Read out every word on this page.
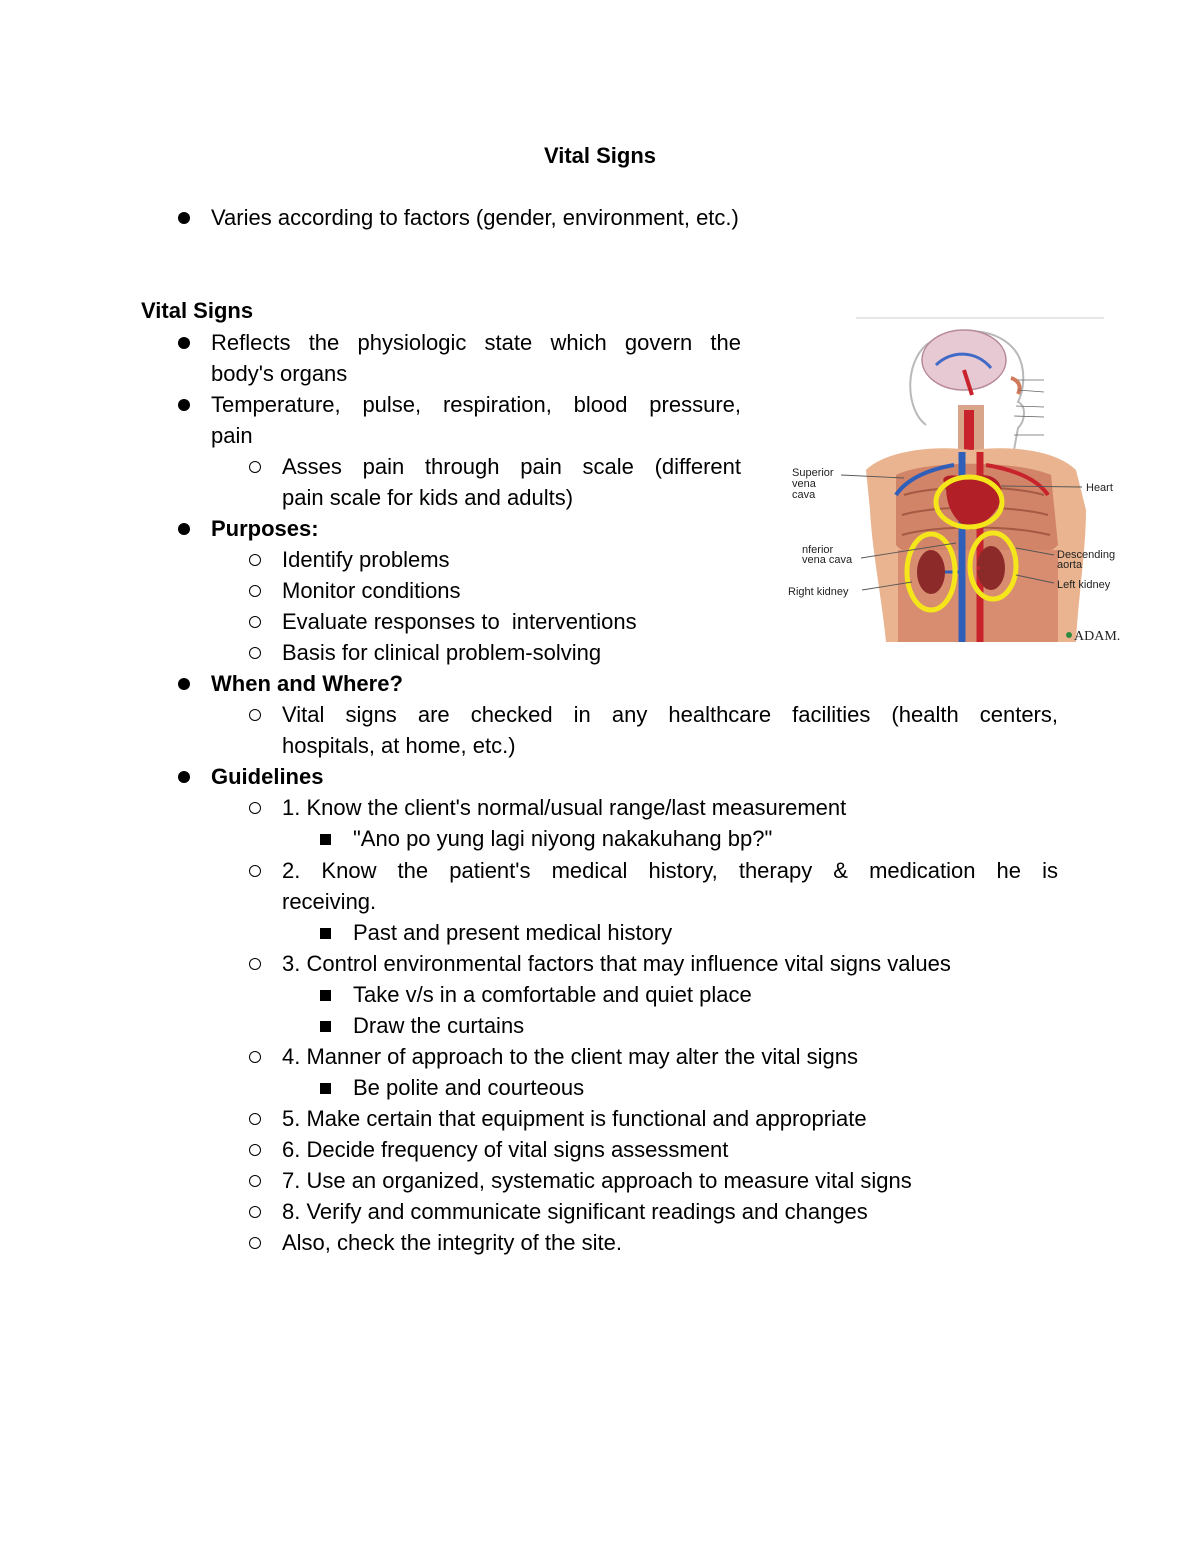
Vital Signs
Varies according to factors (gender, environment, etc.)
Vital Signs
Reflects the physiologic state which govern the
body's organs
Temperature, pulse, respiration, blood pressure,
pain
Asses pain through pain scale (different
pain scale for kids and adults)
Purposes:
Identify problems
Monitor conditions
Evaluate responses to  interventions
Basis for clinical problem-solving
When and Where?
Vital signs are checked in any healthcare facilities (health centers,
hospitals, at home, etc.)
Guidelines
1. Know the client's normal/usual range/last measurement
"Ano po yung lagi niyong nakakuhang bp?"
2. Know the patient's medical history, therapy & medication he is
receiving.
Past and present medical history
3. Control environmental factors that may influence vital signs values
Take v/s in a comfortable and quiet place
Draw the curtains
4. Manner of approach to the client may alter the vital signs
Be polite and courteous
5. Make certain that equipment is functional and appropriate
6. Decide frequency of vital signs assessment
7. Use an organized, systematic approach to measure vital signs
8. Verify and communicate significant readings and changes
Also, check the integrity of the site.
Superior
vena
cava
Heart
nferior
vena cava	Descending
aorta
Right kidney
Left kidney
ADAM.
